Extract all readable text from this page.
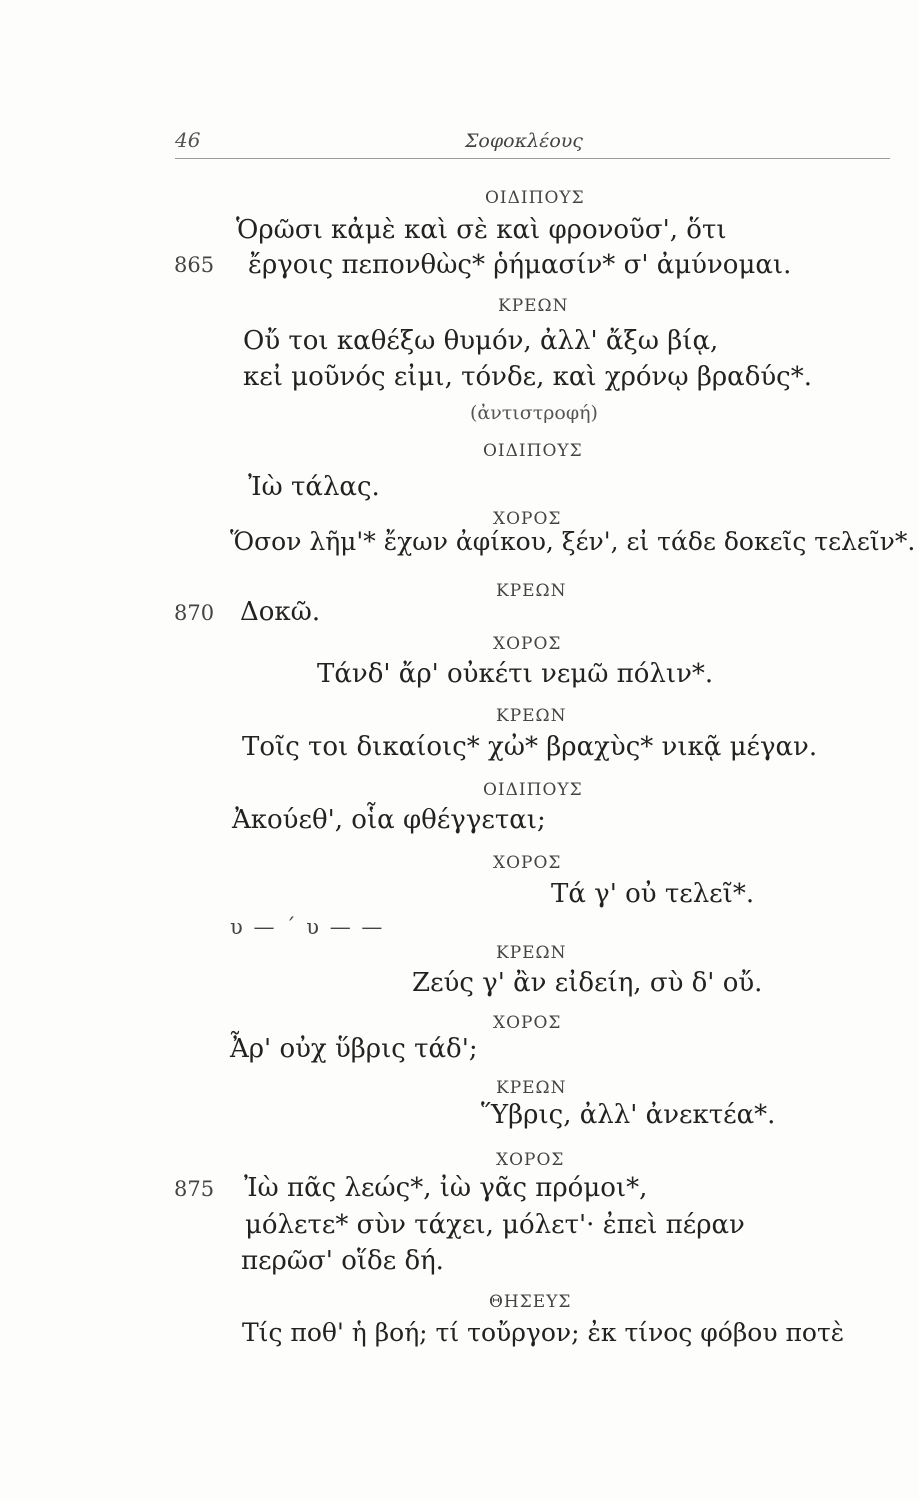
46	Σοφοκλέους
ΟΙΔΙΠΟΥΣ
Ὁρῶσι κἀμὲ καὶ σὲ καὶ φρονοῦσ', ὅτι
865 ἔργοις πεπονθὼς* ῥήμασίν* σ' ἀμύνομαι.
ΚΡΕΩΝ
Οὔ τοι καθέξω θυμόν, ἀλλ' ἄξω βίᾳ,
κεἰ μοῦνός εἰμι, τόνδε, καὶ χρόνῳ βραδύς*.
(ἀντιστροφή)
ΟΙΔΙΠΟΥΣ
Ἰὼ τάλας.
ΧΟΡΟΣ
Ὅσον λῆμ'* ἔχων ἀφίκου, ξέν', εἰ τάδε δοκεῖς τελεῖν*.
ΚΡΕΩΝ
870 Δοκῶ.
ΧΟΡΟΣ
Τάνδ' ἄρ' οὐκέτι νεμῶ πόλιν*.
ΚΡΕΩΝ
Τοῖς τοι δικαίοις* χὠ* βραχὺς* νικᾷ μέγαν.
ΟΙΔΙΠΟΥΣ
Ἀκούεθ', οἷα φθέγγεται;
ΧΟΡΟΣ
Τά γ' οὐ τελεῖ*.
υ — ´ υ — —
ΚΡΕΩΝ
Ζεύς γ' ἂν εἰδείη, σὺ δ' οὔ.
ΧΟΡΟΣ
Ἆρ' οὐχ ὕβρις τάδ';
ΚΡΕΩΝ
Ὕβρις, ἀλλ' ἀνεκτέα*.
ΧΟΡΟΣ
875 Ἰὼ πᾶς λεώς*, ἰὼ γᾶς πρόμοι*,
μόλετε* σὺν τάχει, μόλετ'· ἐπεὶ πέραν
περῶσ' οἵδε δή.
ΘΗΣΕΥΣ
Τίς ποθ' ἡ βοή; τί τοὔργον; ἐκ τίνος φόβου ποτὲ
